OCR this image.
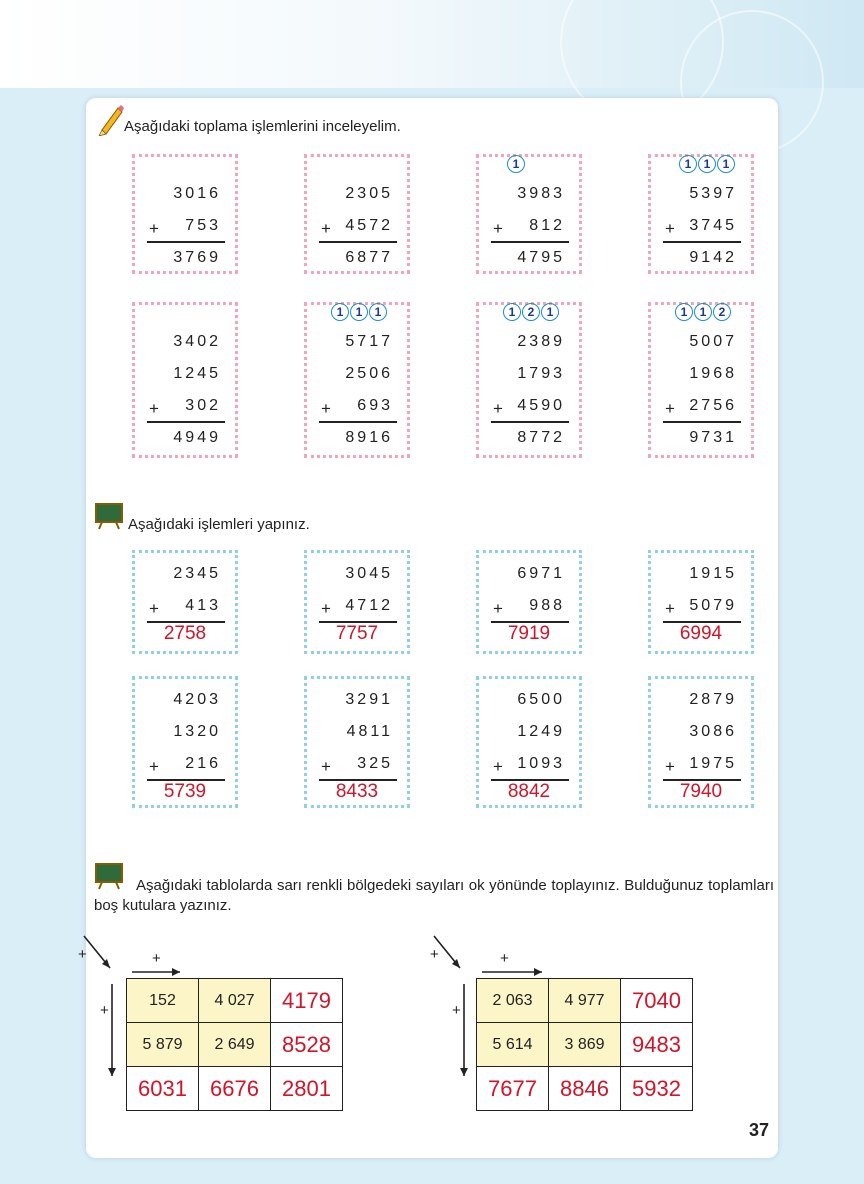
Aşağıdaki toplama işlemlerini inceleyelim.
3016
753
+
3769
2305
4572
+
6877
1
3983
812
+
4795
1	1	1
5397
3745
+
9142
3402
1245
302
+
4949
1	1	1
5717
2506
693
+
8916
1	2	1
2389
1793
4590
+
8772
1	1	2
5007
1968
2756
+
9731
Aşağıdaki işlemleri yapınız.
2345
413
+
2758
3045
4712
+
7757
6971
988
+
7919
1915
5079
+
6994
4203
1320
216
+
5739
3291
4811
325
+
8433
6500
1249
1093
+
8842
2879
3086
1975
+
7940
Aşağıdaki tablolarda sarı renkli bölgedeki sayıları ok yönünde toplayınız. Bulduğunuz toplamları boş kutulara yazınız.
+	+
+
152	4 027	4179
5 879	2 649	8528
6031	6676	2801
+	+
+
2 063	4 977	7040
5 614	3 869	9483
7677	8846	5932
37
